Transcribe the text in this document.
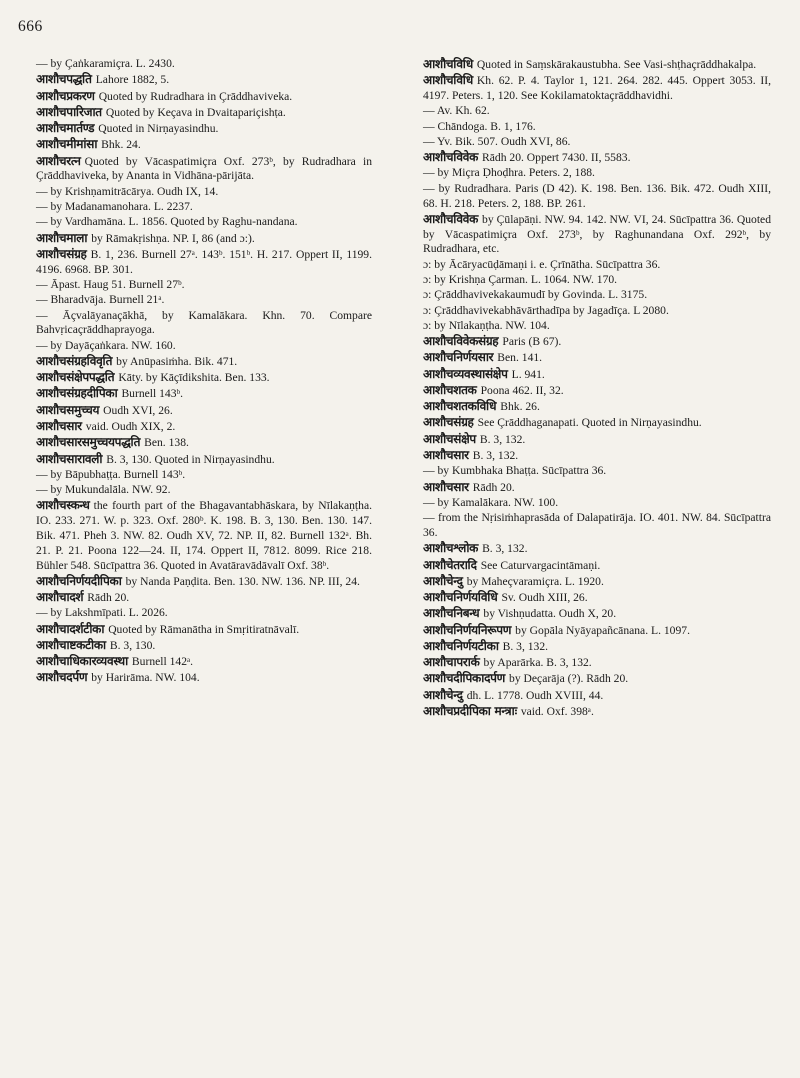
666
— by Çaṅkaramiçra. L. 2430.
आशौचपद्धति Lahore 1882, 5.
आशौचप्रकरण Quoted by Rudradhara in Çrāddhaviveka.
आशौचपारिजात Quoted by Keçava in Dvaitapariçishṭa.
आशौचमार्तण्ड Quoted in Nirṇayasindhu.
आशौचमीमांसा Bhk. 24.
आशौचरत्न Quoted by Vācaspatimiçra Oxf. 273ᵇ, by Rudradhara in Çrāddhaviveka, by Ananta in Vidhāna-pārijāta.
— by Krishṇamitrācārya. Oudh IX, 14.
— by Madanamanohara. L. 2237.
— by Vardhamāna. L. 1856. Quoted by Raghu-nandana.
आशौचमाला by Rāmakṛishṇa. NP. I, 86 (and ɔ:).
आशौचसंग्रह B. 1, 236. Burnell 27ᵃ. 143ᵇ. 151ᵇ. H. 217. Oppert II, 1199. 4196. 6968. BP. 301.
— Āpast. Haug 51. Burnell 27ᵇ.
— Bharadvāja. Burnell 21ᵃ.
— Āçvalāyanaçākhā, by Kamalākara. Khn. 70. Compare Bahvṛicaçrāddhaprayoga.
— by Dayāçaṅkara. NW. 160.
आशौचसंग्रहविवृति by Anūpasiṁha. Bik. 471.
आशौचसंक्षेपपद्धति Kāty. by Kāçīdikshita. Ben. 133.
आशौचसंग्रहदीपिका Burnell 143ᵇ.
आशौचसमुच्चय Oudh XVI, 26.
आशौचसार vaid. Oudh XIX, 2.
आशौचसारसमुच्चयपद्धति Ben. 138.
आशौचसारावली B. 3, 130. Quoted in Nirṇayasindhu.
— by Bāpubhaṭṭa. Burnell 143ᵇ.
— by Mukundalāla. NW. 92.
आशौचस्कन्ध the fourth part of the Bhagavantabhāskara, by Nīlakaṇṭha. IO. 233. 271. W. p. 323. Oxf. 280ᵇ. K. 198. B. 3, 130. Ben. 130. 147. Bik. 471. Pheh 3. NW. 82. Oudh XV, 72. NP. II, 82. Burnell 132ᵃ. Bh. 21. P. 21. Poona 122—24. II, 174. Oppert II, 7812. 8099. Rice 218. Bühler 548. Sūcīpattra 36. Quoted in Avatāravādāvalī Oxf. 38ᵇ.
आशौचनिर्णयदीपिका by Nanda Paṇḍita. Ben. 130. NW. 136. NP. III, 24.
आशौचादर्श Rādh 20.
— by Lakshmīpati. L. 2026.
आशौचादर्शटीका Quoted by Rāmanātha in Smṛitiratnāvalī.
आशौचाष्टकटीका B. 3, 130.
आशौचाधिकारव्यवस्था Burnell 142ᵃ.
आशौचदर्पण by Harirāma. NW. 104.
आशौचविधि Quoted in Saṃskārakaustubha. See Vasi-shṭhaçrāddhakalpa.
आशौचविधि Kh. 62. P. 4. Taylor 1, 121. 264. 282. 445. Oppert 3053. II, 4197. Peters. 1, 120. See Kokilamatoktaçrāddhavidhi.
— Av. Kh. 62.
— Chāndoga. B. 1, 176.
— Yv. Bik. 507. Oudh XVI, 86.
आशौचविवेक Rādh 20. Oppert 7430. II, 5583.
— by Miçra Ḍhoḍhra. Peters. 2, 188.
— by Rudradhara. Paris (D 42). K. 198. Ben. 136. Bik. 472. Oudh XIII, 68. H. 218. Peters. 2, 188. BP. 261.
आशौचविवेक by Çūlapāṇi. NW. 94. 142. NW. VI, 24. Sūcīpattra 36. Quoted by Vācaspatimiçra Oxf. 273ᵇ, by Raghunandana Oxf. 292ᵇ, by Rudradhara, etc.
ɔ: by Ācāryacūḍāmaṇi i. e. Çrīnātha. Sūcīpattra 36.
ɔ: by Krishṇa Çarman. L. 1064. NW. 170.
ɔ: Çrāddhavivekakaumudī by Govinda. L. 3175.
ɔ: Çrāddhavivekabhāvārthadīpa by Jagadīça. L 2080.
ɔ: by Nīlakaṇṭha. NW. 104.
आशौचविवेकसंग्रह Paris (B 67).
आशौचनिर्णयसार Ben. 141.
आशौचव्यवस्थासंक्षेप L. 941.
आशौचशतक Poona 462. II, 32.
आशौचशतकविधि Bhk. 26.
आशौचसंग्रह See Çrāddhaganapati. Quoted in Nirṇayasindhu.
आशौचसंक्षेप B. 3, 132.
आशौचसार B. 3, 132.
— by Kumbhaka Bhaṭṭa. Sūcīpattra 36.
आशौचसार Rādh 20.
— by Kamalākara. NW. 100.
— from the Nṛisiṁhaprasāda of Dalapatirāja. IO. 401. NW. 84. Sūcīpattra 36.
आशौचश्लोक B. 3, 132.
आशौचेतरादि See Caturvargacintāmaṇi.
आशौचेन्दु by Maheçvaramiçra. L. 1920.
आशौचनिर्णयविधि Sv. Oudh XIII, 26.
आशौचनिबन्ध by Vishṇudatta. Oudh X, 20.
आशौचनिर्णयनिरूपण by Gopāla Nyāyapañcānana. L. 1097.
आशौचनिर्णयटीका B. 3, 132.
आशौचापरार्क by Aparārka. B. 3, 132.
आशौचदीपिकादर्पण by Deçarāja (?). Rādh 20.
आशौचेन्दु dh. L. 1778. Oudh XVIII, 44.
आशौचप्रदीपिका मन्त्राः vaid. Oxf. 398ᵃ.
